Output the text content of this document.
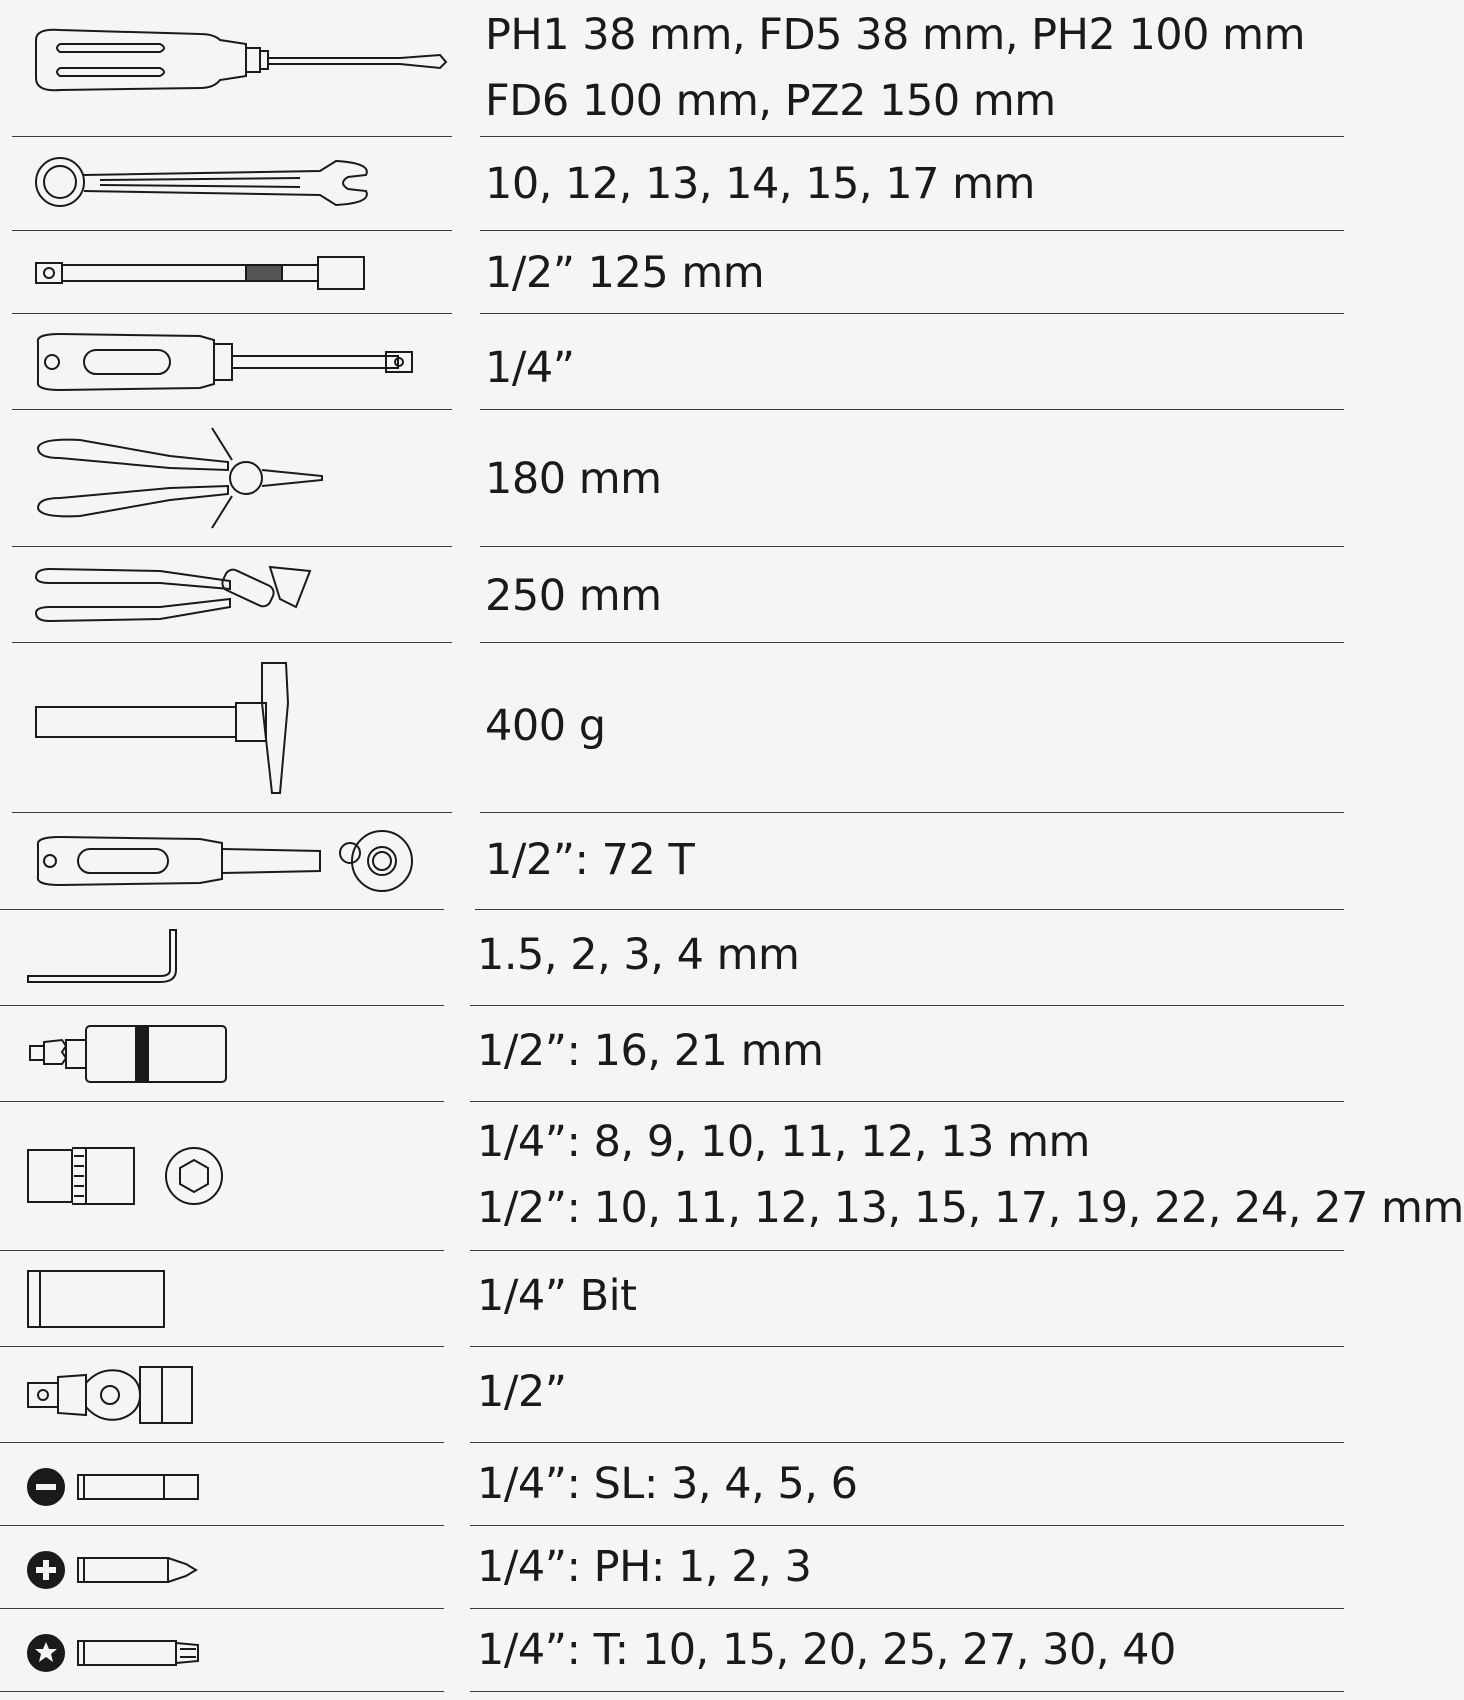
PH1 38 mm, FD5 38 mm, PH2 100 mm
FD6 100 mm, PZ2 150 mm
10, 12, 13, 14, 15, 17 mm
1/2” 125 mm
1/4”
180 mm
250 mm
400 g
1/2”: 72 T
1.5, 2, 3, 4 mm
1/2”: 16, 21 mm
1/4”: 8, 9, 10, 11, 12, 13 mm
1/2”: 10, 11, 12, 13, 15, 17, 19, 22, 24, 27 mm
1/4” Bit
1/2”
1/4”: SL: 3, 4, 5, 6
1/4”: PH: 1, 2, 3
1/4”: T: 10, 15, 20, 25, 27, 30, 40
